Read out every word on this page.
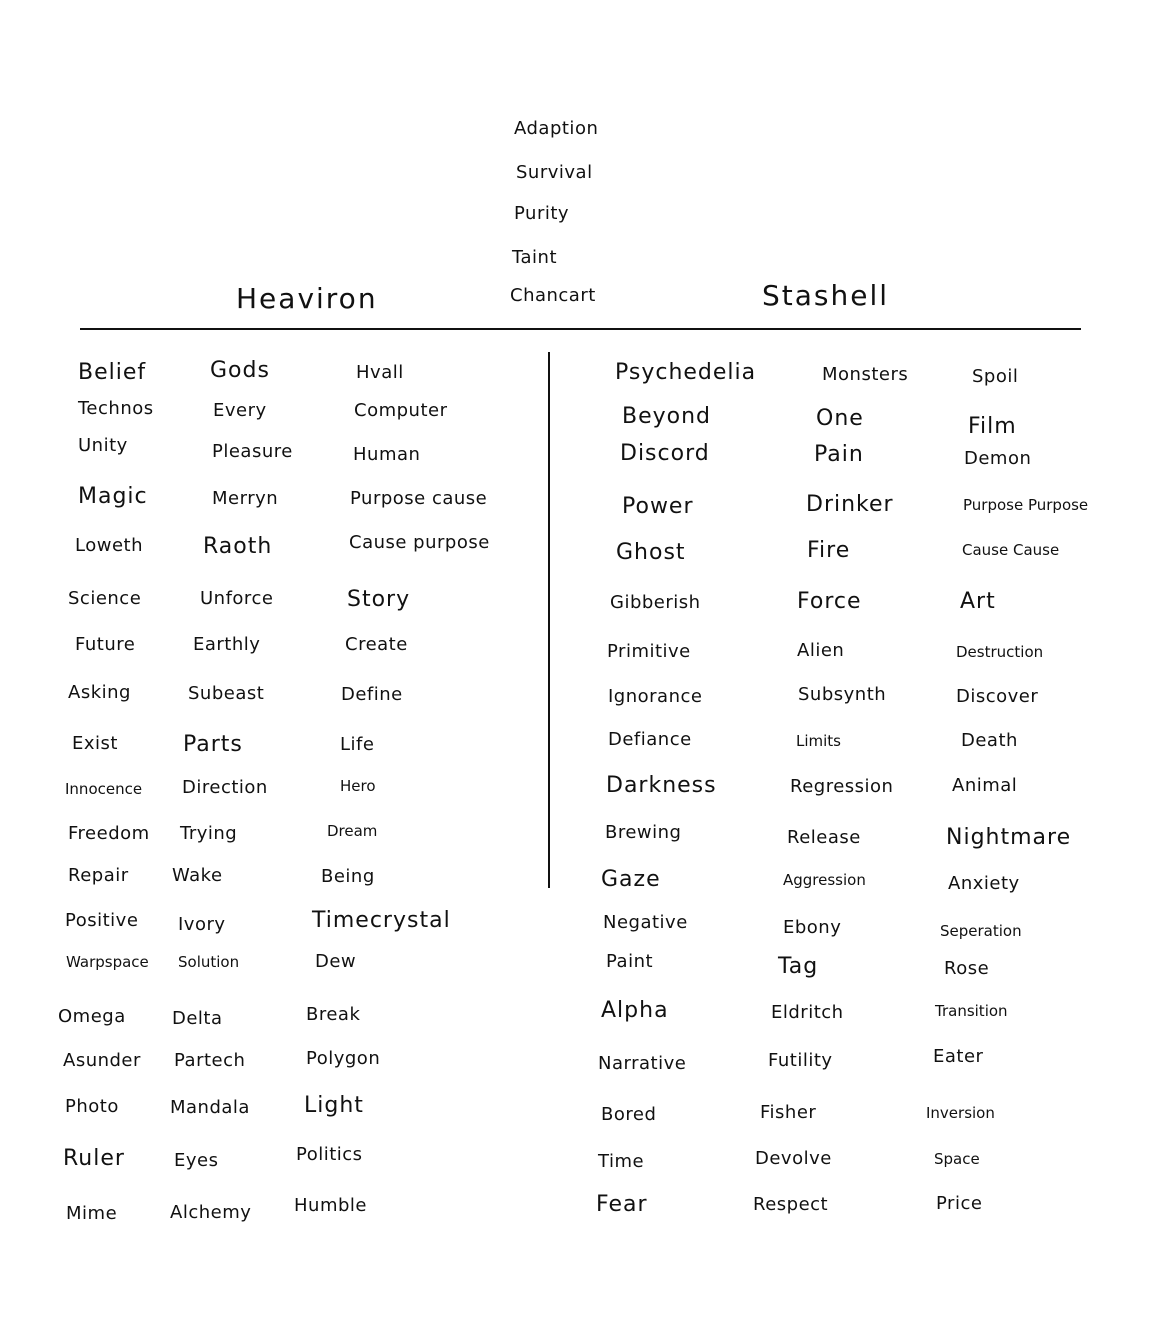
Adaption
Survival
Purity
Taint
Chancart
Heaviron	Stashell
Belief
Technos
Unity
Magic
Loweth
Science
Future
Asking
Exist
Innocence
Freedom
Repair
Positive
Warpspace
Omega
Asunder
Photo
Ruler
Mime
Gods
Every
Pleasure
Merryn
Raoth
Unforce
Earthly
Subeast
Parts
Direction
Trying
Wake
Ivory
Solution
Delta
Partech
Mandala
Eyes
Alchemy
Hvall
Computer
Human
Purpose cause
Cause purpose
Story
Create
Define
Life
Hero
Dream
Being
Timecrystal
Dew
Break
Polygon
Light
Politics
Humble
Psychedelia
Beyond
Discord
Power
Ghost
Gibberish
Primitive
Ignorance
Defiance
Darkness
Brewing
Gaze
Negative
Paint
Alpha
Narrative
Bored
Time
Fear
Monsters
One
Pain
Drinker
Fire
Force
Alien
Subsynth
Limits
Regression
Release
Aggression
Ebony
Tag
Eldritch
Futility
Fisher
Devolve
Respect
Spoil
Film
Demon
Purpose Purpose
Cause Cause
Art
Destruction
Discover
Death
Animal
Nightmare
Anxiety
Seperation
Rose
Transition
Eater
Inversion
Space
Price
